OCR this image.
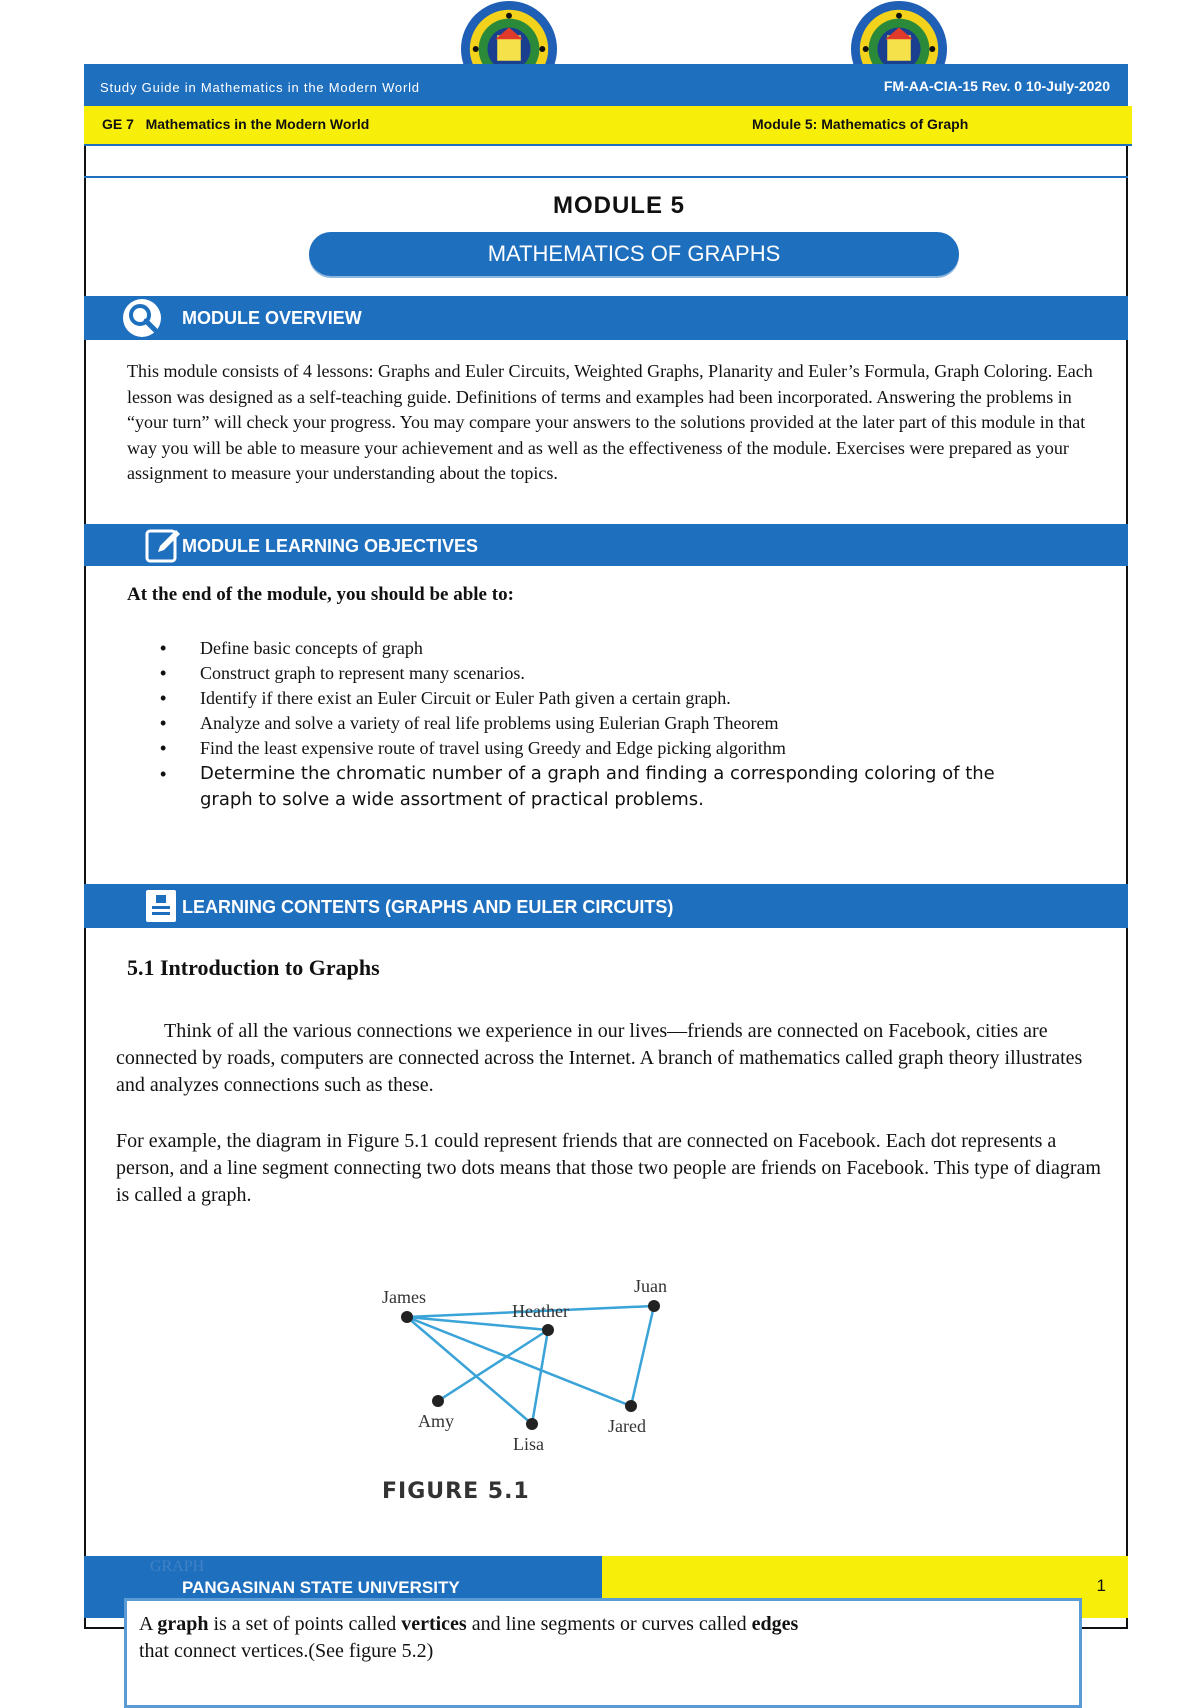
Study Guide in Mathematics in the Modern World	FM-AA-CIA-15 Rev. 0 10-July-2020
GE 7   Mathematics in the Modern World	Module 5: Mathematics of Graph
MODULE 5
MATHEMATICS OF GRAPHS
MODULE OVERVIEW
This module consists of 4 lessons: Graphs and Euler Circuits, Weighted Graphs, Planarity and Euler’s Formula, Graph Coloring. Each lesson was designed as a self-teaching guide. Definitions of terms and examples had been incorporated. Answering the problems in “your turn” will check your progress. You may compare your answers to the solutions provided at the later part of this module in that way you will be able to measure your achievement and as well as the effectiveness of the module. Exercises were prepared as your assignment to measure your understanding about the topics.
MODULE LEARNING OBJECTIVES
At the end of the module, you should be able to:
• Define basic concepts of graph
• Construct graph to represent many scenarios.
• Identify if there exist an Euler Circuit or Euler Path given a certain graph.
• Analyze and solve a variety of real life problems using Eulerian Graph Theorem
• Find the least expensive route of travel using Greedy and Edge picking algorithm
• Determine the chromatic number of a graph and finding a corresponding coloring of the
graph to solve a wide assortment of practical problems.
LEARNING CONTENTS (GRAPHS AND EULER CIRCUITS)
5.1 Introduction to Graphs
Think of all the various connections we experience in our lives—friends are connected on Facebook, cities are connected by roads, computers are connected across the Internet. A branch of mathematics called graph theory illustrates and analyzes connections such as these.
For example, the diagram in Figure 5.1 could represent friends that are connected on Facebook. Each dot represents a person, and a line segment connecting two dots means that those two people are friends on Facebook. This type of diagram is called a graph.
James
Heather
Juan
Amy
Lisa
Jared
FIGURE 5.1
GRAPH
PANGASINAN STATE UNIVERSITY	1
A graph is a set of points called vertices and line segments or curves called edges
that connect vertices.(See figure 5.2)
